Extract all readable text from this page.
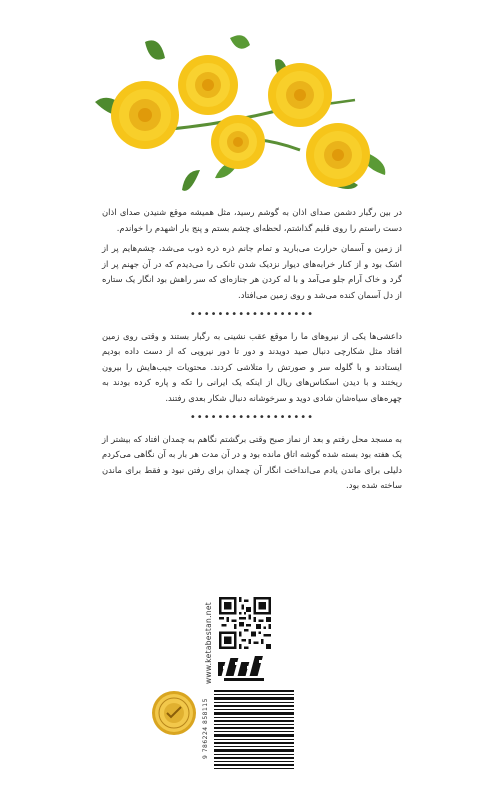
در بین رگبار دشمن صدای اذان به گوشم رسید، مثل همیشه موقع شنیدن صدای اذان دست راستم را روی قلبم گذاشتم، لحظه‌ای چشم بستم و پنج بار اشهدم را خواندم.

از زمین و آسمان حرارت می‌بارید و تمام جانم ذره ذره ذوب می‌شد، چشم‌هایم پر از اشک بود و از کنار خرابه‌های دیوار نزدیک شدن تانکی را می‌دیدم که در آن جهنم پر از گرد و خاک آرام جلو می‌آمد و با له کردن هر جنازه‌ای که سر راهش بود انگار یک ستاره از دل آسمان کنده می‌شد و روی زمین می‌افتاد.

••••••••••••••••••

داعشی‌ها یکی از نیروهای ما را موقع عقب نشینی به رگبار بستند و وقتی روی زمین افتاد مثل شکارچی دنبال صید دویدند و دور تا دور نیرویی که از دست داده بودیم ایستادند و با گلوله سر و صورتش را متلاشی کردند. محتویات جیب‌هایش را بیرون ریختند و با دیدن اسکناس‌های ریال از اینکه یک ایرانی را تکه و پاره کرده بودند به چهره‌های سیاه‌شان شادی دوید و سرخوشانه دنبال شکار بعدی رفتند.

••••••••••••••••••

به مسجد محل رفتم و بعد از نماز صبح وقتی برگشتم نگاهم به چمدان افتاد که بیشتر از یک هفته بود بسته شده گوشه اتاق مانده بود و در آن مدت هر بار به آن نگاهی می‌کردم دلیلی برای ماندن یادم می‌انداخت انگار آن چمدان برای رفتن نبود و فقط برای ماندن ساخته شده بود.

www.ketabestan.net
9 786224 858115
